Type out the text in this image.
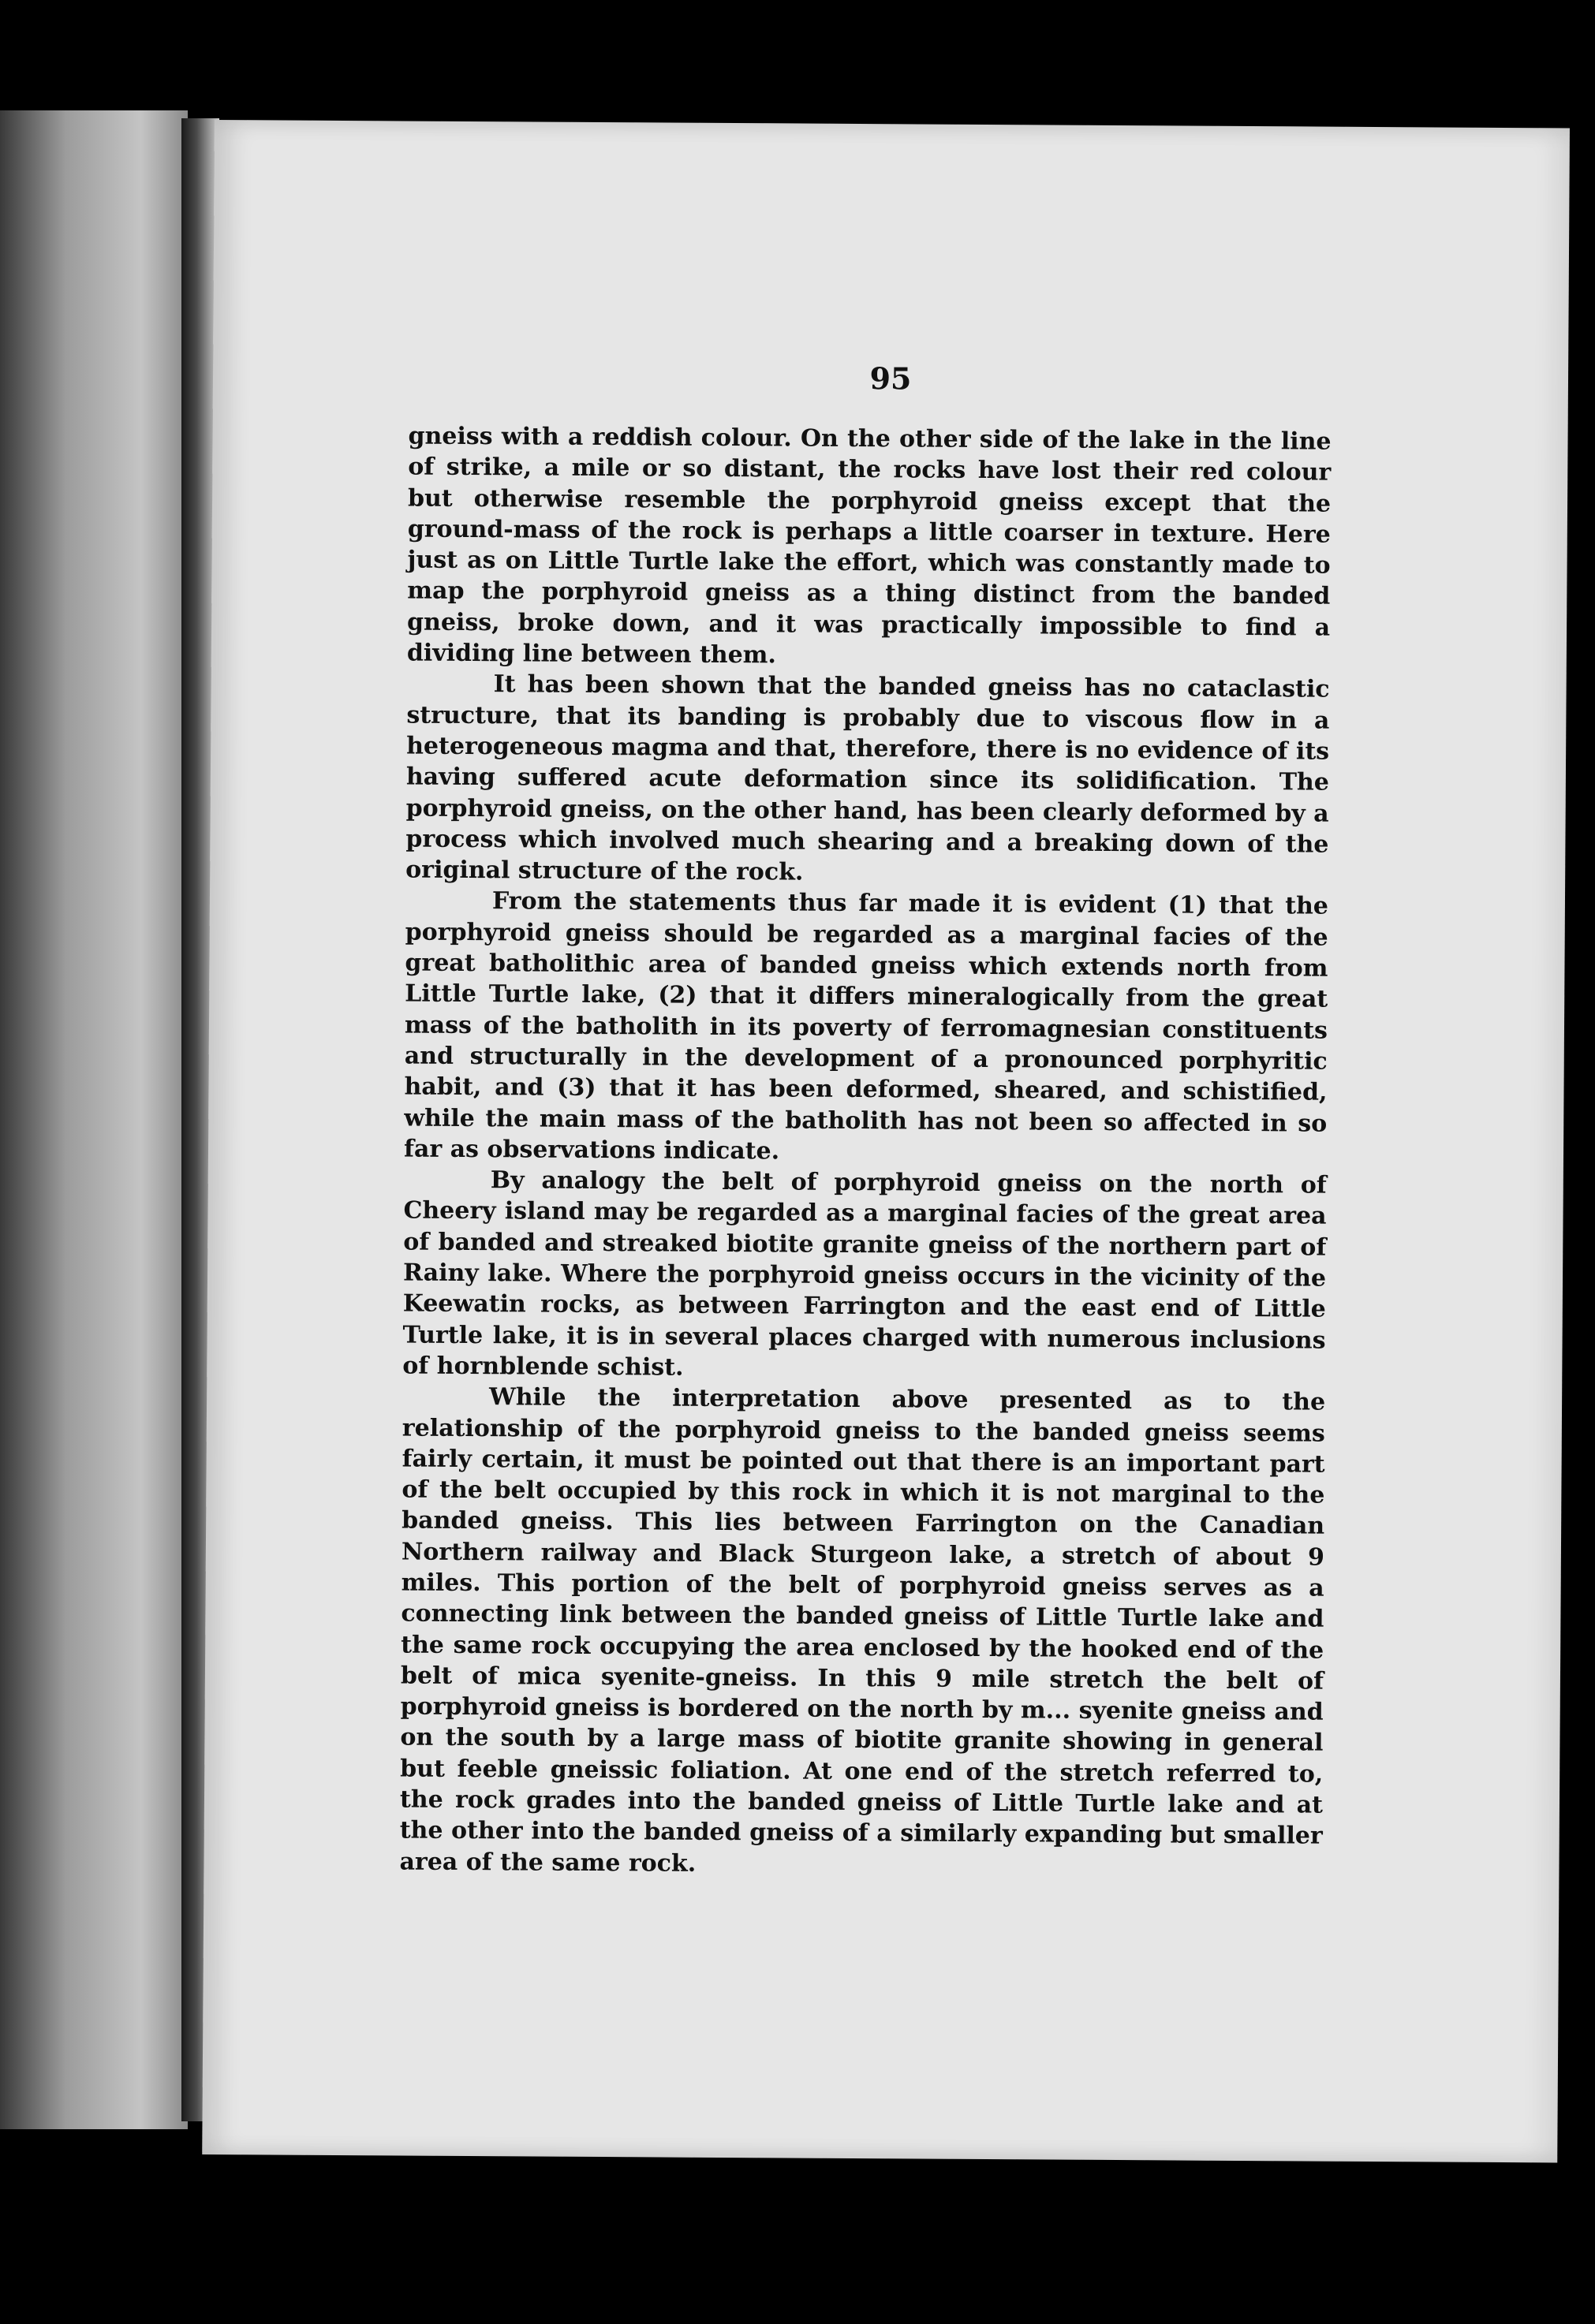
95

gneiss with a reddish colour. On the other side of the lake in the line of strike, a mile or so distant, the rocks have lost their red colour but otherwise resemble the porphyroid gneiss except that the ground-mass of the rock is perhaps a little coarser in texture. Here just as on Little Turtle lake the effort, which was constantly made to map the porphyroid gneiss as a thing distinct from the banded gneiss, broke down, and it was practically impossible to find a dividing line between them.

It has been shown that the banded gneiss has no cataclastic structure, that its banding is probably due to viscous flow in a heterogeneous magma and that, therefore, there is no evidence of its having suffered acute deformation since its solidification. The porphyroid gneiss, on the other hand, has been clearly deformed by a process which involved much shearing and a breaking down of the original structure of the rock.

From the statements thus far made it is evident (1) that the porphyroid gneiss should be regarded as a marginal facies of the great batholithic area of banded gneiss which extends north from Little Turtle lake, (2) that it differs mineralogically from the great mass of the batholith in its poverty of ferromagnesian constituents and structurally in the development of a pronounced porphyritic habit, and (3) that it has been deformed, sheared, and schistified, while the main mass of the batholith has not been so affected in so far as observations indicate.

By analogy the belt of porphyroid gneiss on the north of Cheery island may be regarded as a marginal facies of the great area of banded and streaked biotite granite gneiss of the northern part of Rainy lake. Where the porphyroid gneiss occurs in the vicinity of the Keewatin rocks, as between Farrington and the east end of Little Turtle lake, it is in several places charged with numerous inclusions of hornblende schist.

While the interpretation above presented as to the relationship of the porphyroid gneiss to the banded gneiss seems fairly certain, it must be pointed out that there is an important part of the belt occupied by this rock in which it is not marginal to the banded gneiss. This lies between Farrington on the Canadian Northern railway and Black Sturgeon lake, a stretch of about 9 miles. This portion of the belt of porphyroid gneiss serves as a connecting link between the banded gneiss of Little Turtle lake and the same rock occupying the area enclosed by the hooked end of the belt of mica syenite-gneiss. In this 9 mile stretch the belt of porphyroid gneiss is bordered on the north by m... syenite gneiss and on the south by a large mass of biotite granite showing in general but feeble gneissic foliation. At one end of the stretch referred to, the rock grades into the banded gneiss of Little Turtle lake and at the other into the banded gneiss of a similarly expanding but smaller area of the same rock.
